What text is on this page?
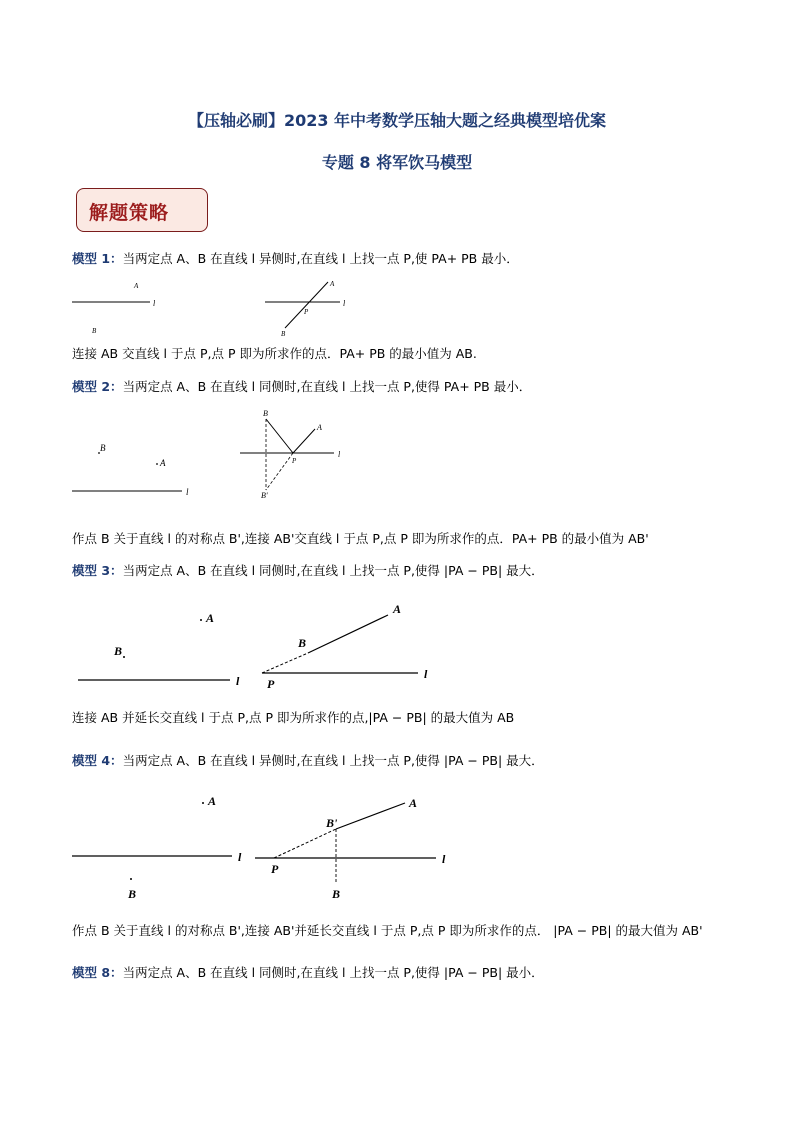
【压轴必刷】2023 年中考数学压轴大题之经典模型培优案
专题 8 将军饮马模型
解题策略
模型 1：当两定点 A、B 在直线 l 异侧时,在直线 l 上找一点 P,使 PA+ PB 最小．
l
A
B
l
A
B
P
连接 AB 交直线 l 于点 P,点 P 即为所求作的点．PA+ PB 的最小值为 AB.
模型 2：当两定点 A、B 在直线 l 同侧时,在直线 l 上找一点 P,使得 PA+ PB 最小．
B
A
l
l
B
A
P
B'
作点 B 关于直线 l 的对称点 B',连接 AB'交直线 l 于点 P,点 P 即为所求作的点．PA+ PB 的最小值为 AB'
模型 3：当两定点 A、B 在直线 l 同侧时,在直线 l 上找一点 P,使得 |PA − PB| 最大．
A
B
l	l
A
B
P
连接 AB 并延长交直线 l 于点 P,点 P 即为所求作的点,|PA − PB| 的最大值为 AB
模型 4：当两定点 A、B 在直线 l 异侧时,在直线 l 上找一点 P,使得 |PA − PB| 最大．
A
l
B
l
A
B'
P
B
作点 B 关于直线 l 的对称点 B',连接 AB'并延长交直线 l 于点 P,点 P 即为所求作的点． |PA − PB| 的最大值为 AB'
模型 8：当两定点 A、B 在直线 l 同侧时,在直线 l 上找一点 P,使得 |PA − PB| 最小．
